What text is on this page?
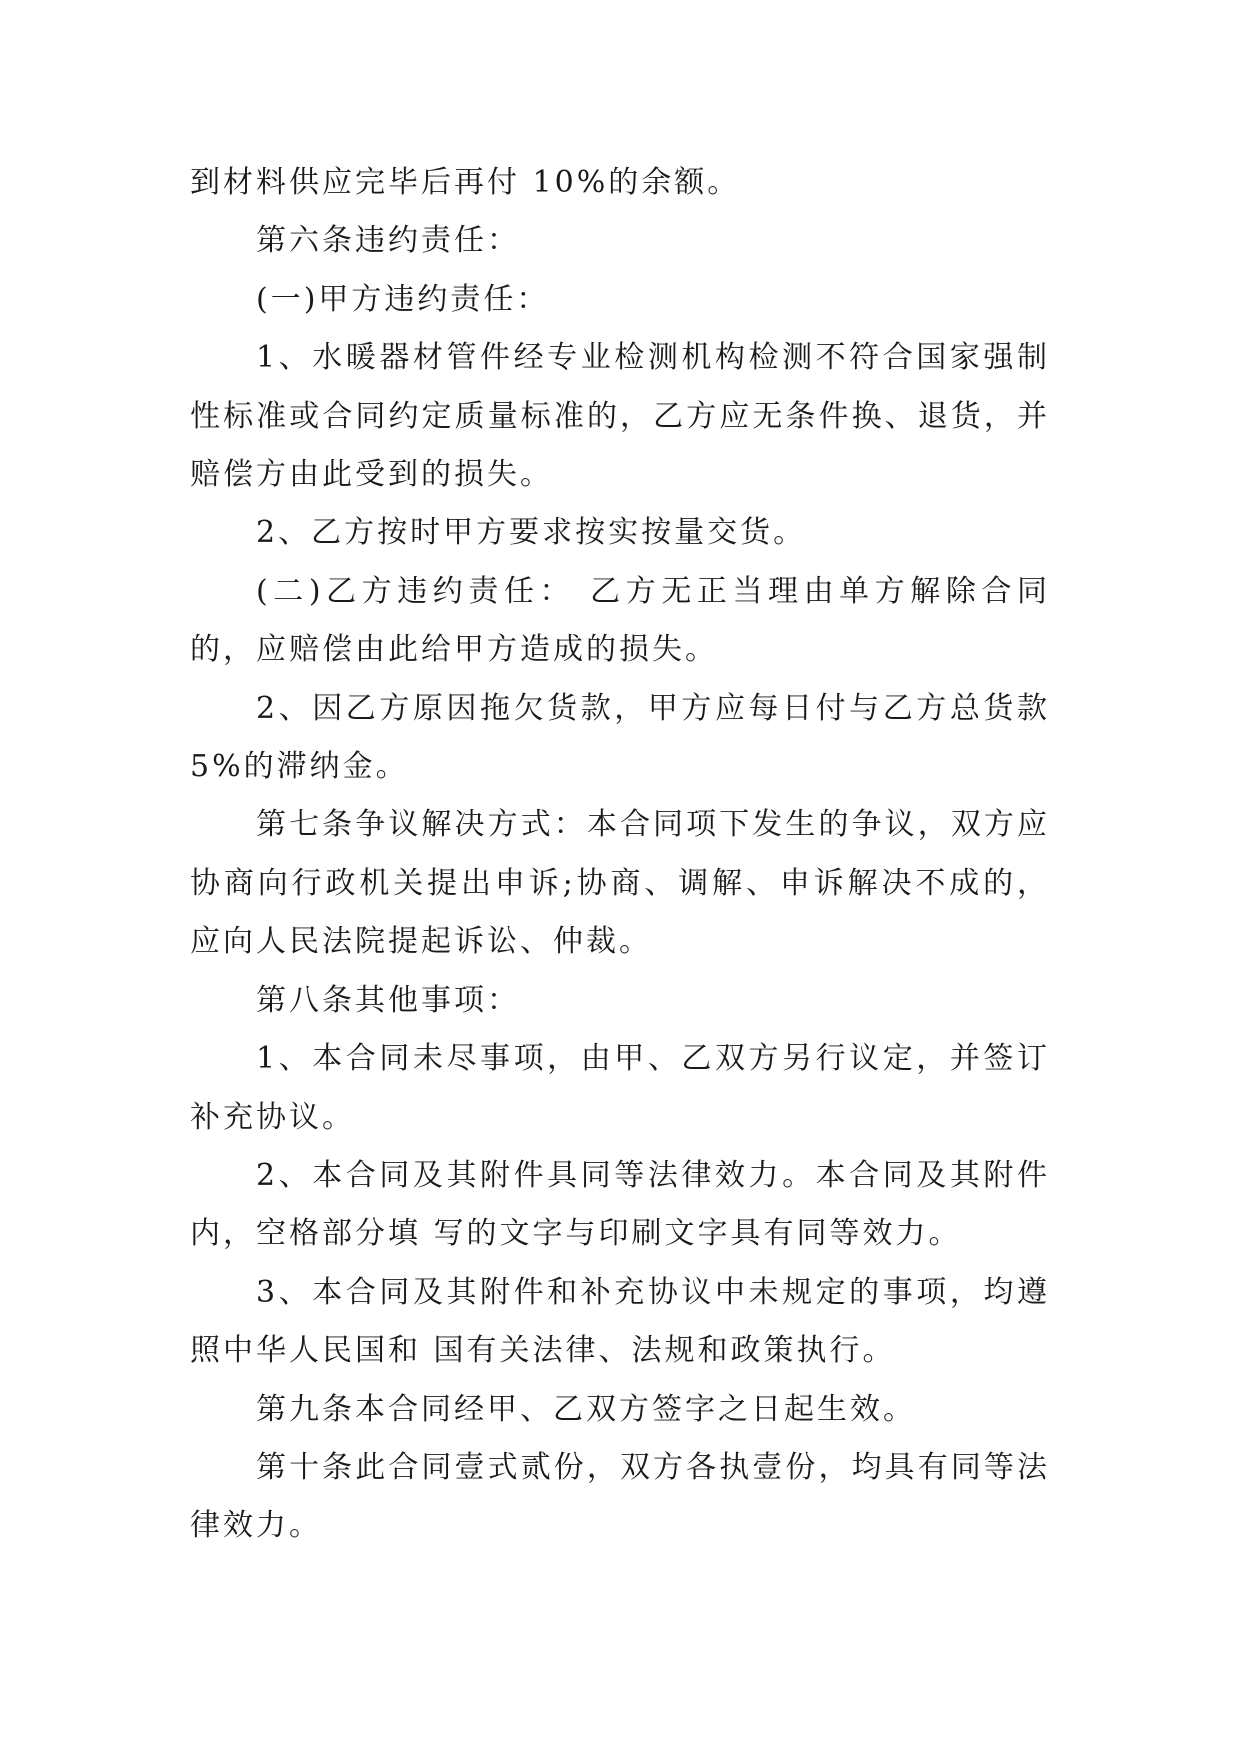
到材料供应完毕后再付 10%的余额。

第六条违约责任：

(一)甲方违约责任：

1、水暖器材管件经专业检测机构检测不符合国家强制性标准或合同约定质量标准的，乙方应无条件换、退货，并赔偿方由此受到的损失。

2、乙方按时甲方要求按实按量交货。

(二)乙方违约责任： 乙方无正当理由单方解除合同的，应赔偿由此给甲方造成的损失。

2、因乙方原因拖欠货款，甲方应每日付与乙方总货款 5%的滞纳金。

第七条争议解决方式：本合同项下发生的争议，双方应协商向行政机关提出申诉;协商、调解、申诉解决不成的，应向人民法院提起诉讼、仲裁。

第八条其他事项：

1、本合同未尽事项，由甲、乙双方另行议定，并签订补充协议。

2、本合同及其附件具同等法律效力。本合同及其附件内，空格部分填 写的文字与印刷文字具有同等效力。

3、本合同及其附件和补充协议中未规定的事项，均遵照中华人民国和 国有关法律、法规和政策执行。

第九条本合同经甲、乙双方签字之日起生效。

第十条此合同壹式贰份，双方各执壹份，均具有同等法律效力。
